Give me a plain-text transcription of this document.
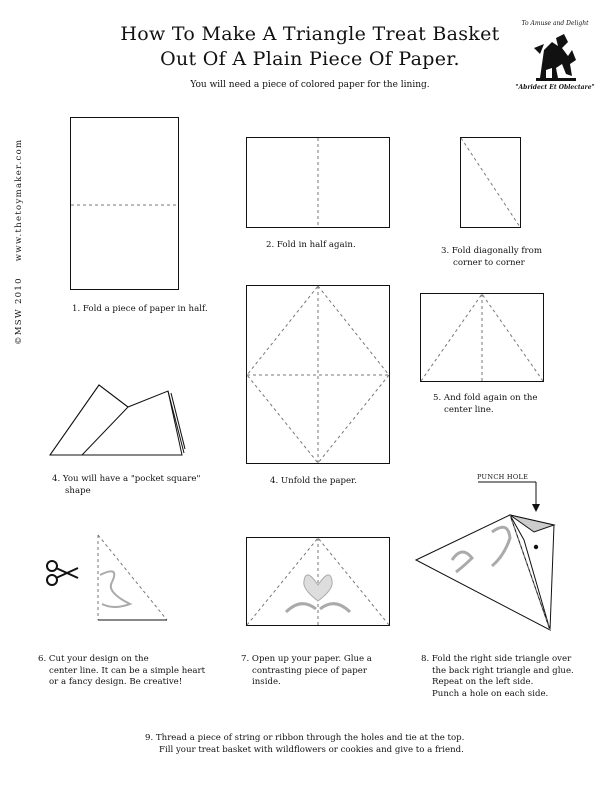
How To Make A Triangle Treat Basket
Out Of A Plain Piece Of Paper.
You will need a piece of colored paper for the lining.
To Amuse and Delight
"Abridect Et Oblectare"
©MSW 2010    www.thetoymaker.com	1. Fold a piece of paper in half.
2. Fold in half again.
3. Fold diagonally from
corner to corner
4. You will have a "pocket square"
shape
4. Unfold the paper.
5. And fold again on the
center line.
6. Cut your design on the
center line. It can be a simple heart
or a fancy design. Be creative!
7. Open up your paper. Glue a
contrasting piece of paper
inside.
PUNCH HOLE
8. Fold the right side triangle over
the back right triangle and glue.
Repeat on the left side.
Punch a hole on each side.
9. Thread a piece of string or ribbon through the holes and tie at the top.
Fill your treat basket with wildflowers or cookies and give to a friend.
